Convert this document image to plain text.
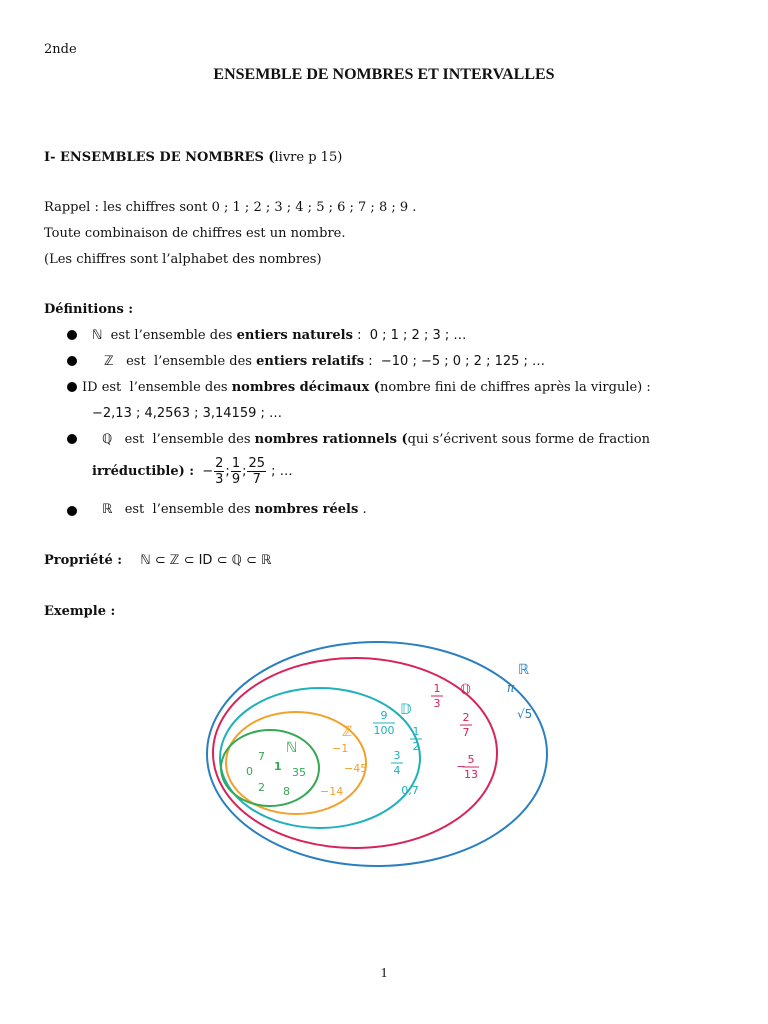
2nde
ENSEMBLE DE NOMBRES ET INTERVALLES
I- ENSEMBLES DE NOMBRES (livre p 15)
Rappel : les chiffres sont 0 ; 1 ; 2 ; 3 ; 4 ; 5 ; 6 ; 7 ; 8 ; 9 .
Toute combinaison de chiffres est un nombre.
(Les chiffres sont l’alphabet des nombres)
Définitions :
ℕ  est l’ensemble des entiers naturels :  0 ; 1 ; 2 ; 3 ; …
ℤ   est  l’ensemble des entiers relatifs :  −10 ; −5 ; 0 ; 2 ; 125 ; …
ID est  l’ensemble des nombres décimaux (nombre fini de chiffres après la virgule) :
−2,13 ; 4,2563 ; 3,14159 ; …
ℚ   est  l’ensemble des nombres rationnels (qui s’écrivent sous forme de fraction
irréductible) : − $\frac{2}{3}$ ; $\frac{1}{9}$ ; $\frac{25}{7}$ ; …
ℝ   est  l’ensemble des nombres réels .
Propriété : ℕ ⊂ ℤ ⊂ ID ⊂ ℚ ⊂ ℝ
Exemple :
ℝ
ℚ
𝔻
ℤ
ℕ
7
1
0	35
2 8
−1
−45
−14
9
100 1
2
3
4
0,7
1
3
2
7
−
5
13
π
√5
1
